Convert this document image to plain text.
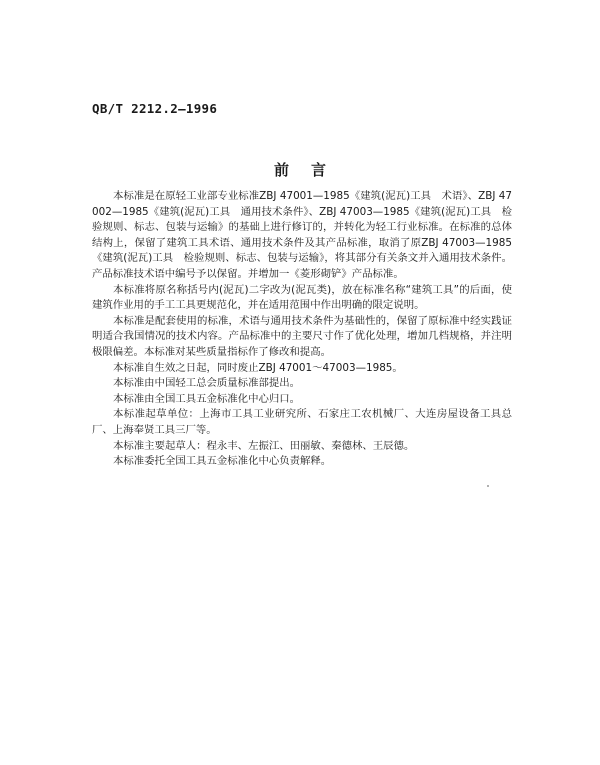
QB/T 2212.2—1996
前言

本标准是在原轻工业部专业标准ZBJ 47001—1985《建筑(泥瓦)工具　术语》、ZBJ 47002—1985《建筑(泥瓦)工具　通用技术条件》、ZBJ 47003—1985《建筑(泥瓦)工具　检验规则、标志、包装与运输》的基础上进行修订的，并转化为轻工行业标准。在标准的总体结构上，保留了建筑工具术语、通用技术条件及其产品标准，取消了原ZBJ 47003—1985《建筑(泥瓦)工具　检验规则、标志、包装与运输》，将其部分有关条文并入通用技术条件。产品标准技术语中编号予以保留。并增加一《菱形砌铲》产品标准。

本标准将原名称括号内(泥瓦)二字改为(泥瓦类)，放在标准名称“建筑工具”的后面，使建筑作业用的手工工具更规范化，并在适用范围中作出明确的限定说明。

本标准是配套使用的标准，术语与通用技术条件为基础性的，保留了原标准中经实践证明适合我国情况的技术内容。产品标准中的主要尺寸作了优化处理，增加几档规格，并注明极限偏差。本标准对某些质量指标作了修改和提高。

本标准自生效之日起，同时废止ZBJ 47001～47003—1985。

本标准由中国轻工总会质量标准部提出。

本标准由全国工具五金标准化中心归口。

本标准起草单位：上海市工具工业研究所、石家庄工农机械厂、大连房屋设备工具总厂、上海奉贤工具三厂等。

本标准主要起草人：程永丰、左振江、田丽敏、秦德林、王辰德。

本标准委托全国工具五金标准化中心负责解释。
